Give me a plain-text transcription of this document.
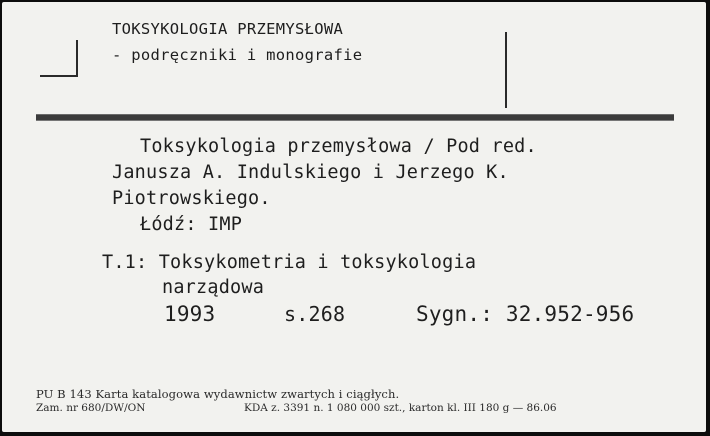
TOKSYKOLOGIA PRZEMYSŁOWA
- podręczniki i monografie
Toksykologia przemysłowa / Pod red.
Janusza A. Indulskiego i Jerzego K.
Piotrowskiego.
Łódź: IMP
T.1: Toksykometria i toksykologia
narządowa
1993	s.268	Sygn.: 32.952-956
PU B 143 Karta katalogowa wydawnictw zwartych i ciągłych.
Zam. nr 680/DW/ON	KDA z. 3391 n. 1 080 000 szt., karton kl. III 180 g — 86.06
